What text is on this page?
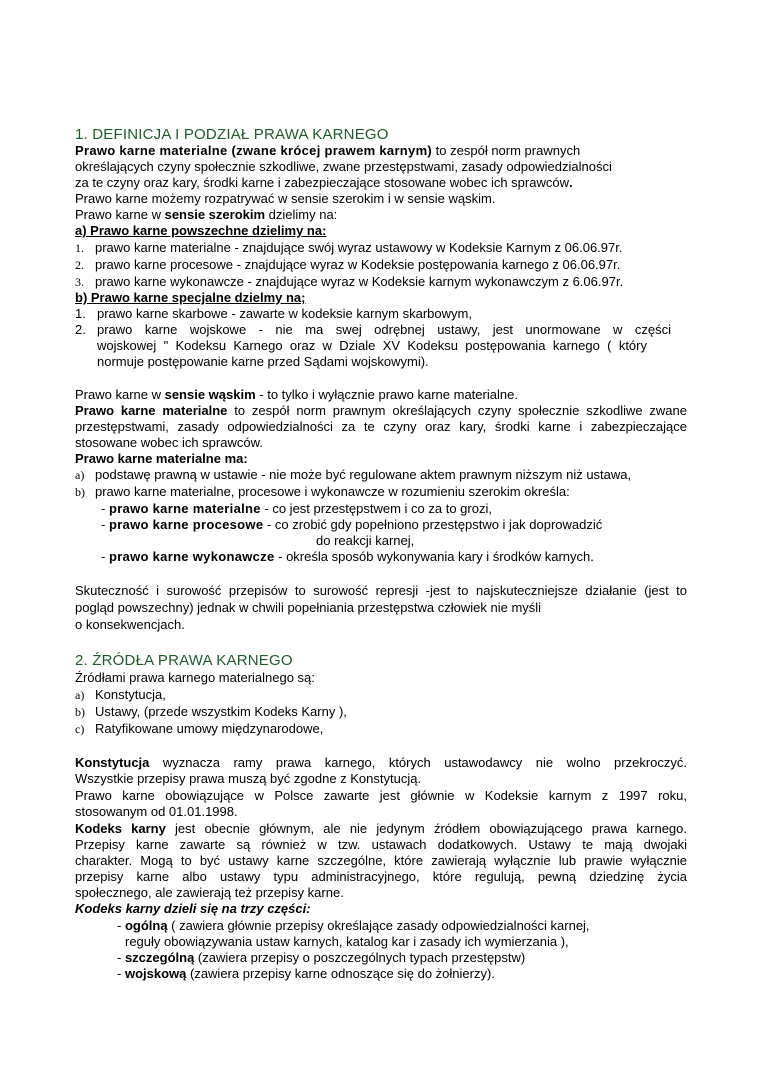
1. DEFINICJA I PODZIAŁ PRAWA KARNEGO

Prawo karne materialne (zwane krócej prawem karnym) to zespół norm prawnych

określających czyny społecznie szkodliwe, zwane przestępstwami, zasady odpowiedzialności

za te czyny oraz kary, środki karne i zabezpieczające stosowane wobec ich sprawców.

Prawo karne możemy rozpatrywać w sensie szerokim i w sensie wąskim.

Prawo karne w sensie szerokim dzielimy na:

a) Prawo karne powszechne dzielimy na:

1. prawo karne materialne - znajdujące swój wyraz ustawowy w Kodeksie Karnym z 06.06.97r.

2. prawo karne procesowe - znajdujące wyraz w Kodeksie postępowania karnego z 06.06.97r.

3. prawo karne wykonawcze - znajdujące wyraz w Kodeksie karnym wykonawczym z 6.06.97r.

b) Prawo karne specjalne dzielmy na;

1. prawo karne skarbowe - zawarte w kodeksie karnym skarbowym,

2. prawo karne wojskowe - nie ma swej odrębnej ustawy, jest unormowane w części

wojskowej " Kodeksu Karnego oraz w Dziale XV Kodeksu postępowania karnego ( który

normuje postępowanie karne przed Sądami wojskowymi).

Prawo karne w sensie wąskim - to tylko i wyłącznie prawo karne materialne.

Prawo karne materialne to zespół norm prawnym określających czyny społecznie szkodliwe zwane

przestępstwami, zasady odpowiedzialności za te czyny oraz kary, środki karne i zabezpieczające

stosowane wobec ich sprawców.

Prawo karne materialne ma:

a) podstawę prawną w ustawie - nie może być regulowane aktem prawnym niższym niż ustawa,

b) prawo karne materialne, procesowe i wykonawcze w rozumieniu szerokim określa:

- prawo karne materialne - co jest przestępstwem i co za to grozi,

- prawo karne procesowe - co zrobić gdy popełniono przestępstwo i jak doprowadzić

do reakcji karnej,

- prawo karne wykonawcze - określa sposób wykonywania kary i środków karnych.

Skuteczność i surowość przepisów to surowość represji -jest to najskuteczniejsze działanie (jest to

pogląd powszechny) jednak w chwili popełniania przestępstwa człowiek nie myśli

o konsekwencjach.

2. ŹRÓDŁA PRAWA KARNEGO

Źródłami prawa karnego materialnego są:

a) Konstytucja,

b) Ustawy, (przede wszystkim Kodeks Karny ),

c) Ratyfikowane umowy międzynarodowe,

Konstytucja wyznacza ramy prawa karnego, których ustawodawcy nie wolno przekroczyć.

Wszystkie przepisy prawa muszą być zgodne z Konstytucją.

Prawo karne obowiązujące w Polsce zawarte jest głównie w Kodeksie karnym z 1997 roku,

stosowanym od 01.01.1998.

Kodeks karny jest obecnie głównym, ale nie jedynym źródłem obowiązującego prawa karnego.

Przepisy karne zawarte są również w tzw. ustawach dodatkowych. Ustawy te mają dwojaki

charakter. Mogą to być ustawy karne szczególne, które zawierają wyłącznie lub prawie wyłącznie

przepisy karne albo ustawy typu administracyjnego, które regulują, pewną dziedzinę życia

społecznego, ale zawierają też przepisy karne.

Kodeks karny dzieli się na trzy części:

- ogólną ( zawiera głównie przepisy określające zasady odpowiedzialności karnej,

reguły obowiązywania ustaw karnych, katalog kar i zasady ich wymierzania ),

- szczególną (zawiera przepisy o poszczególnych typach przestępstw)

- wojskową (zawiera przepisy karne odnoszące się do żołnierzy).
